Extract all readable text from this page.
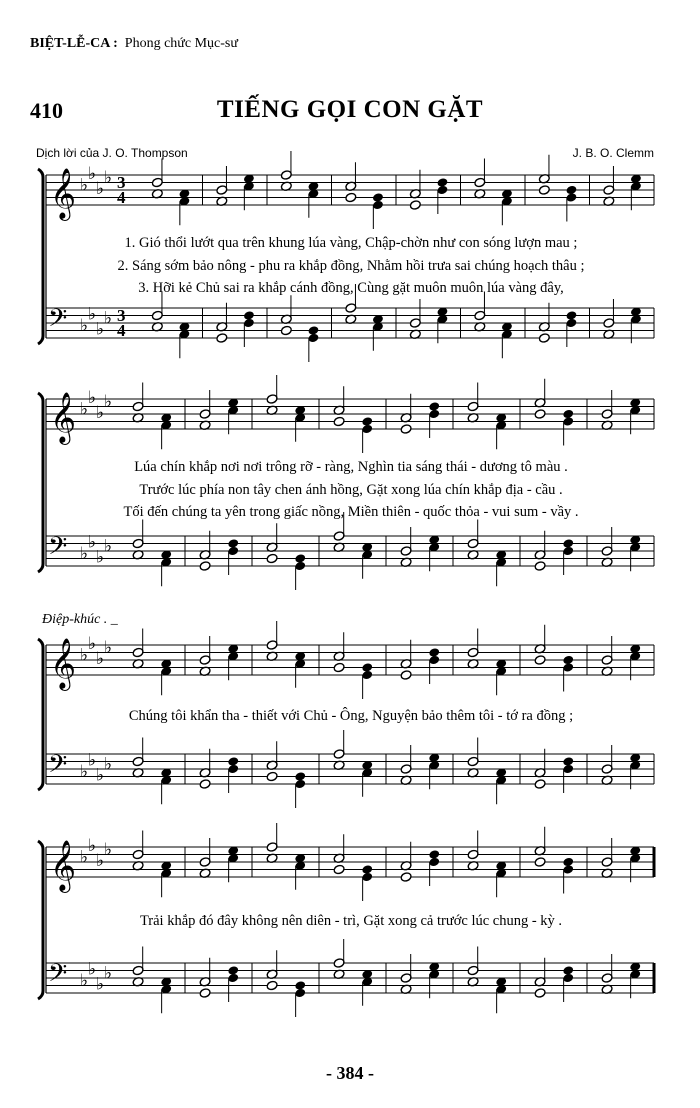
BIỆT-LỄ-CA : Phong chức Mục-sư
410	TIẾNG GỌI CON GẶT
Dịch lời của J. O. Thompson	J. B. O. Clemm
𝄞 ♭
♭
♭
♭
𝄢 ♭
♭
♭
♭
3
3
4
4
𝄞 ♭
♭
♭
♭
𝄢 ♭
♭
♭
♭
𝄞 ♭
♭
♭
♭
𝄢 ♭
♭
♭
♭
𝄞 ♭
♭
♭
♭
𝄢 ♭
♭
♭
♭
1. Gió thổi lướt qua trên khung lúa vàng, Chập-chờn như con sóng lượn mau ;
2. Sáng sớm bảo nông - phu ra khắp đồng, Nhằm hồi trưa sai chúng hoạch thâu ;
3. Hỡi kẻ Chủ sai ra khắp cánh đồng, Cùng gặt muôn muôn lúa vàng đây,
Lúa chín khắp nơi nơi trông rỡ - ràng, Nghìn tia sáng thái - dương tô màu .
Trước lúc phía non tây chen ánh hồng, Gặt xong lúa chín khắp địa - cầu .
Tối đến chúng ta yên trong giấc nồng, Miền thiên - quốc thỏa - vui sum - vầy .
Điệp-khúc . _
Chúng tôi khẩn tha - thiết với Chủ - Ông, Nguyện bảo thêm tôi - tớ ra đồng ;
Trải khắp đó đây không nên diên - trì, Gặt xong cả trước lúc chung - kỳ .
- 384 -
